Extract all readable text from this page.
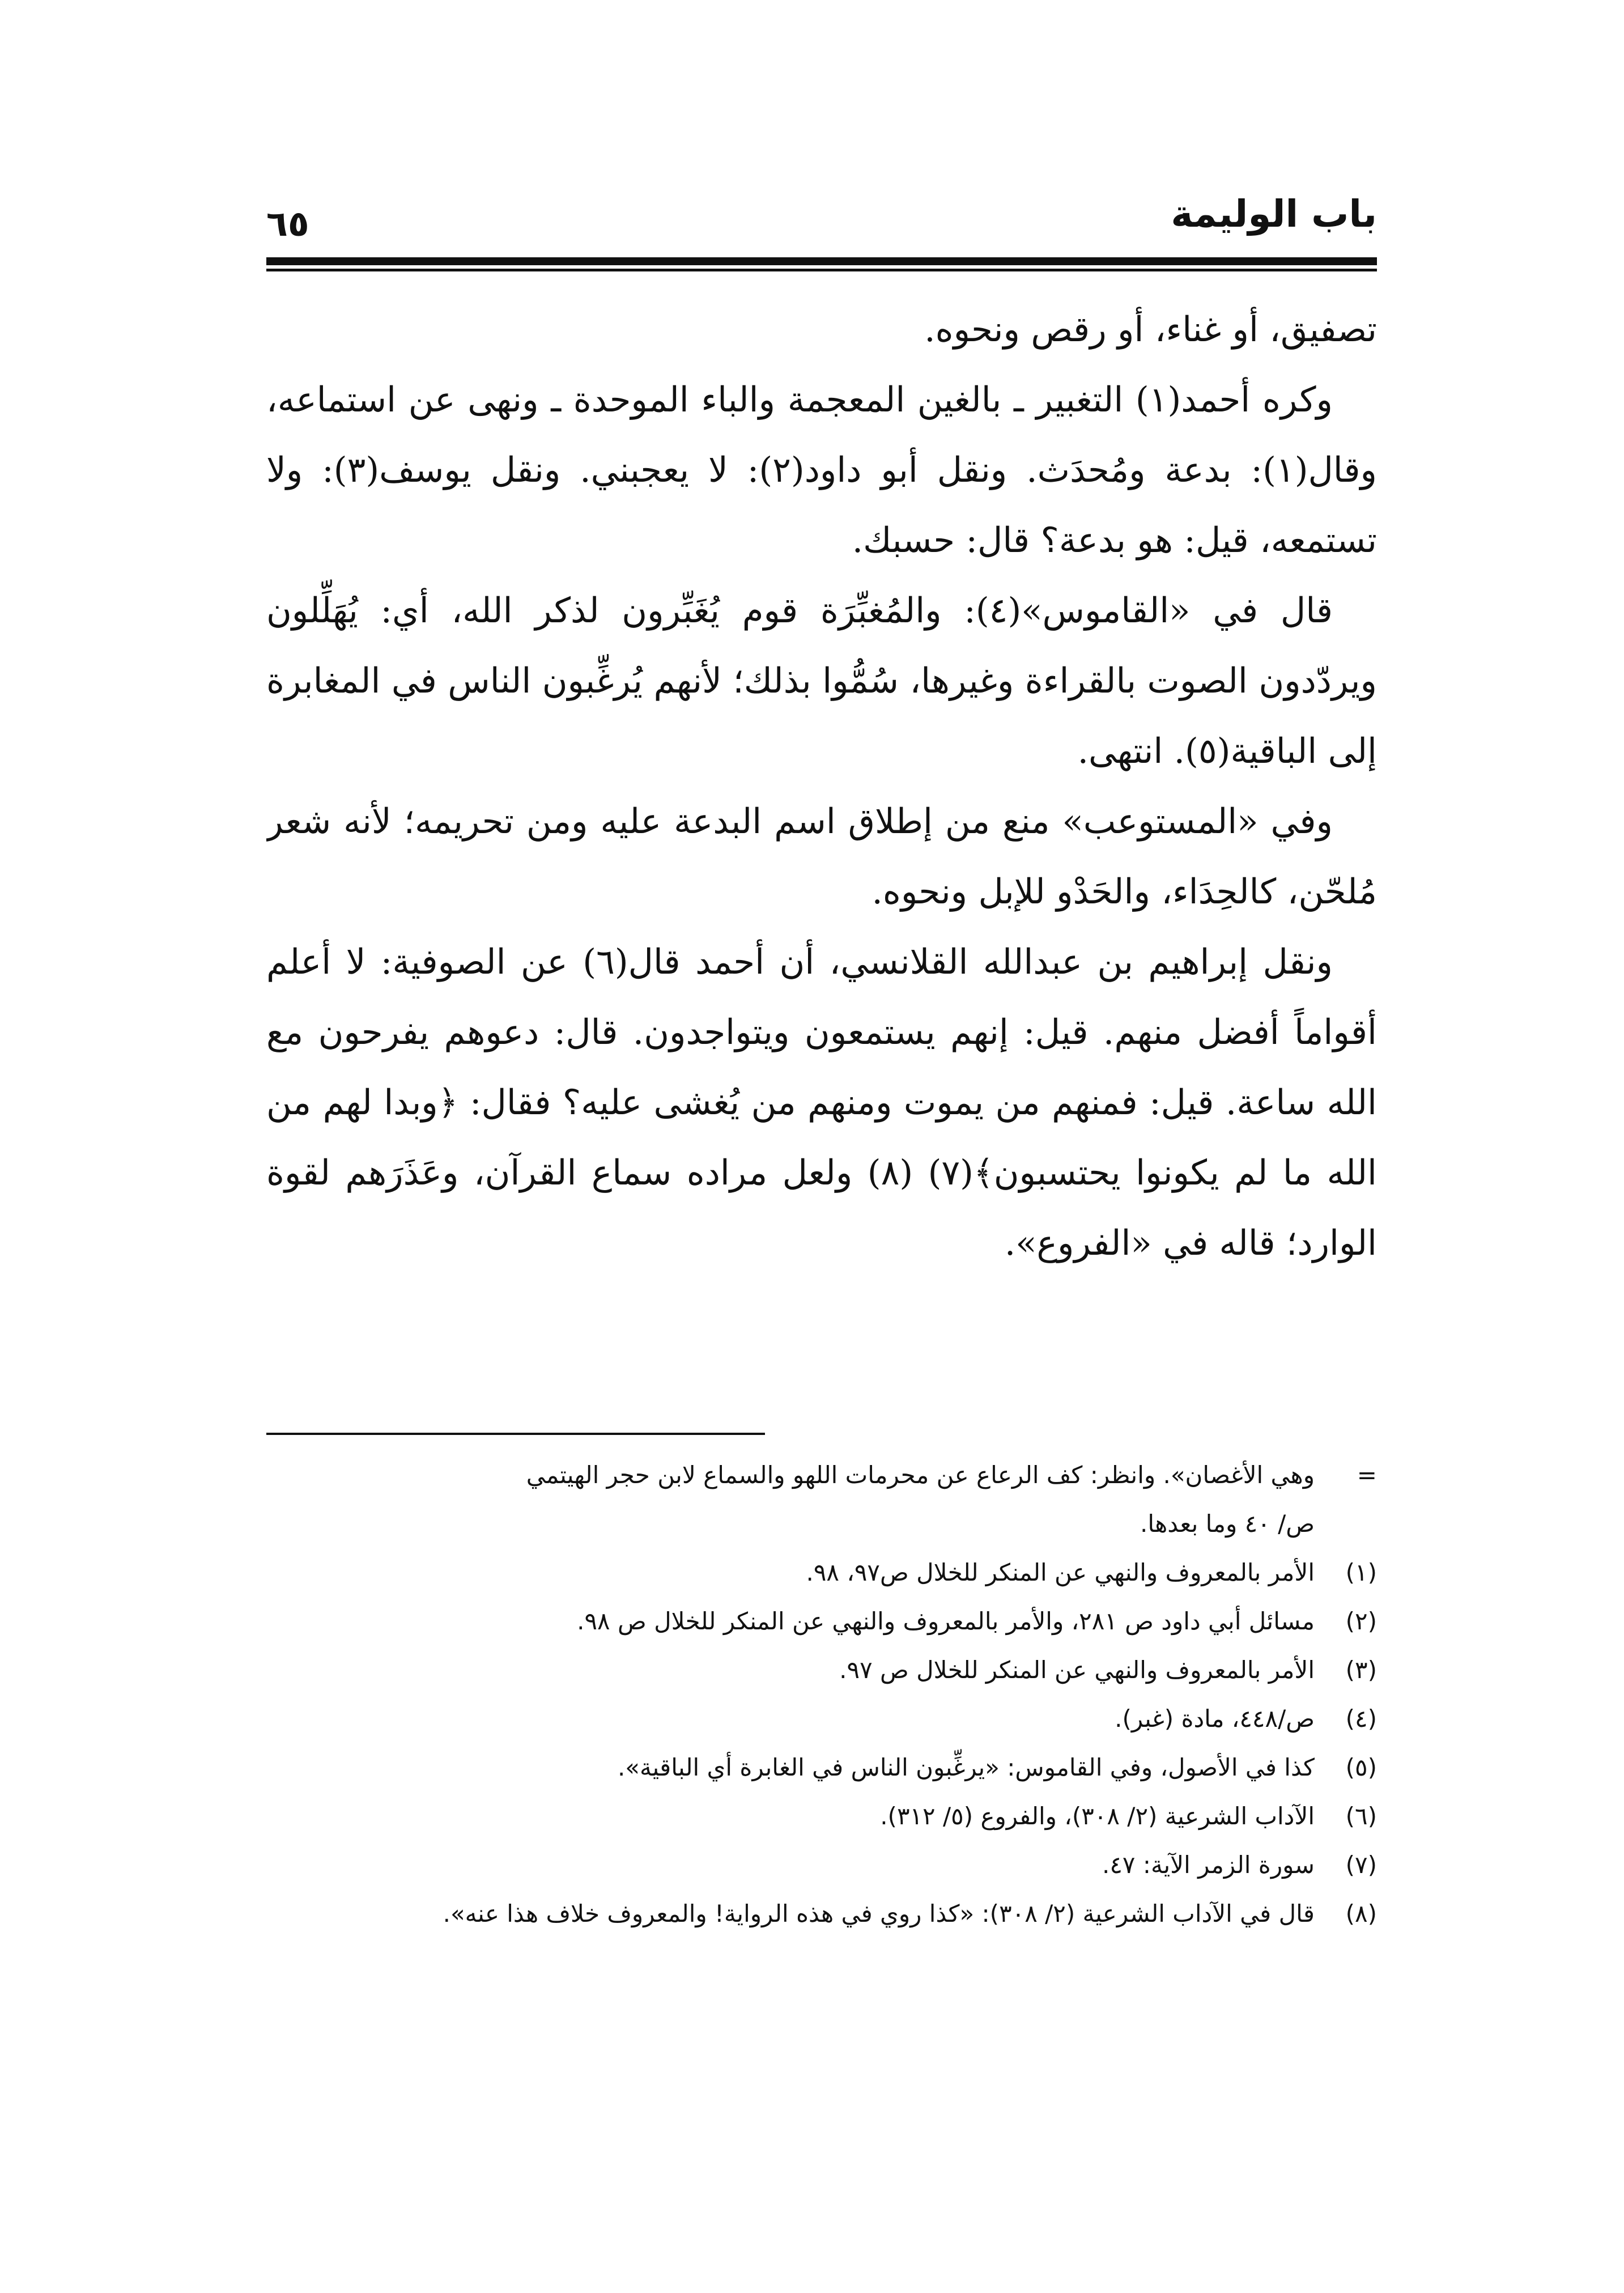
باب الوليمة
٦٥

تصفيق، أو غناء، أو رقص ونحوه.

وكره أحمد(١) التغبير ـ بالغين المعجمة والباء الموحدة ـ ونهى عن استماعه، وقال(١): بدعة ومُحدَث. ونقل أبو داود(٢): لا يعجبني. ونقل يوسف(٣): ولا تستمعه، قيل: هو بدعة؟ قال: حسبك.

قال في «القاموس»(٤): والمُغبِّرَة قوم يُغَبِّرون لذكر الله، أي: يُهَلِّلون ويردّدون الصوت بالقراءة وغيرها، سُمُّوا بذلك؛ لأنهم يُرغِّبون الناس في المغابرة إلى الباقية(٥). انتهى.

وفي «المستوعب» منع من إطلاق اسم البدعة عليه ومن تحريمه؛ لأنه شعر مُلحّن، كالحِدَاء، والحَدْو للإبل ونحوه.

ونقل إبراهيم بن عبدالله القلانسي، أن أحمد قال(٦) عن الصوفية: لا أعلم أقواماً أفضل منهم. قيل: إنهم يستمعون ويتواجدون. قال: دعوهم يفرحون مع الله ساعة. قيل: فمنهم من يموت ومنهم من يُغشى عليه؟ فقال: ﴿وبدا لهم من الله ما لم يكونوا يحتسبون﴾(٧) (٨) ولعل مراده سماع القرآن، وعَذَرَهم لقوة الوارد؛ قاله في «الفروع».

=
وهي الأغصان». وانظر: كف الرعاع عن محرمات اللهو والسماع لابن حجر الهيتمي
ص/ ٤٠ وما بعدها.
(١)
الأمر بالمعروف والنهي عن المنكر للخلال ص٩٧، ٩٨.
(٢)
مسائل أبي داود ص ٢٨١، والأمر بالمعروف والنهي عن المنكر للخلال ص ٩٨.
(٣)
الأمر بالمعروف والنهي عن المنكر للخلال ص ٩٧.
(٤)
ص/٤٤٨، مادة (غبر).
(٥)
كذا في الأصول، وفي القاموس: «يرغِّبون الناس في الغابرة أي الباقية».
(٦)
الآداب الشرعية (٢/ ٣٠٨)، والفروع (٥/ ٣١٢).
(٧)
سورة الزمر الآية: ٤٧.
(٨)
قال في الآداب الشرعية (٢/ ٣٠٨): «كذا روي في هذه الرواية! والمعروف خلاف هذا عنه».
